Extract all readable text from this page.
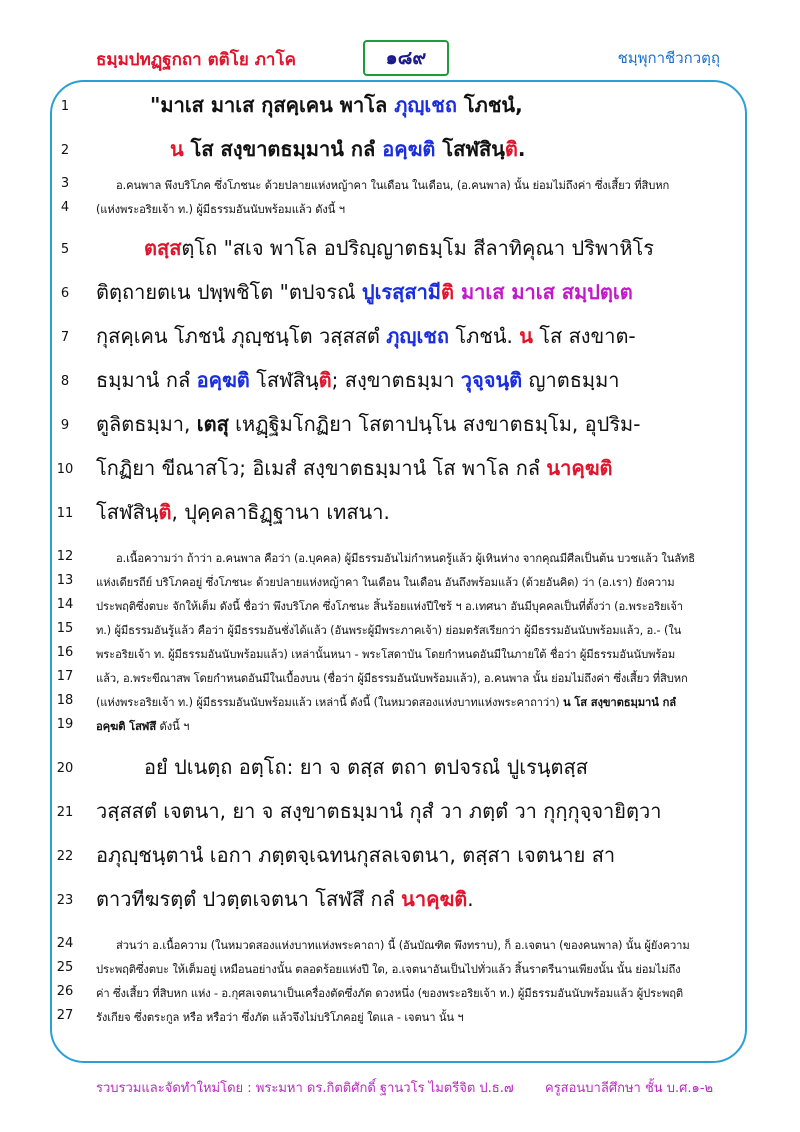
ธมฺมปทฏฺฐกถา ตติโย ภาโค	๑๘๙	ชมฺพุกาชีวกวตฺถุ
1	"มาเส มาเส กุสคฺเคน พาโล ภุญฺเชถ โภชนํ,
2	น โส สงฺขาตธมฺมานํ กลํ อคฺฆติ โสฬสินฺติ.
3	อ.คนพาล พึงบริโภค ซึ่งโภชนะ ด้วยปลายแห่งหญ้าคา ในเดือน ในเดือน, (อ.คนพาล) นั้น ย่อมไม่ถึงค่า ซึ่งเสี้ยว ที่สิบหก
4	(แห่งพระอริยเจ้า ท.) ผู้มีธรรมอันนับพร้อมแล้ว ดังนี้ ฯ
5	ตสฺสตฺโถ "สเจ พาโล อปริญฺญาตธมฺโม สีลาทิคุณา ปริพาหิโร
6	ติตฺถายตเน ปพฺพชิโต "ตปจรณํ ปูเรสฺสามีติ มาเส มาเส สมฺปตฺเต
7	กุสคฺเคน โภชนํ ภุญฺชนฺโต วสฺสสตํ ภุญฺเชถ โภชนํ. น โส สงขาต-
8	ธมฺมานํ กลํ อคฺฆติ โสฬสินฺติ; สงฺขาตธมฺมา วุจฺจนฺติ ญาตธมฺมา
9	ตูลิตธมฺมา, เตสุ เหฏฺฐิมโกฏิยา โสตาปนฺโน สงขาตธมฺโม, อุปริม-
10	โกฏิยา ขีณาสโว; อิเมสํ สงฺขาตธมฺมานํ โส พาโล กลํ นาคฺฆติ
11	โสฬสินฺติ, ปุคฺคลาธิฏฺฐานา เทสนา.
12	อ.เนื้อความว่า ถ้าว่า อ.คนพาล คือว่า (อ.บุคคล) ผู้มีธรรมอันไม่กำหนดรู้แล้ว ผู้เหินห่าง จากคุณมีศีลเป็นต้น บวชแล้ว ในลัทธิ
13	แห่งเดียรถีย์ บริโภคอยู่ ซึ่งโภชนะ ด้วยปลายแห่งหญ้าคา ในเดือน ในเดือน อันถึงพร้อมแล้ว (ด้วยอันคิด) ว่า (อ.เรา) ยังความ
14	ประพฤติซึ่งตบะ จักให้เต็ม ดังนี้ ชื่อว่า พึงบริโภค ซึ่งโภชนะ สิ้นร้อยแห่งปีใชร้ ฯ อ.เทศนา อันมีบุคคลเป็นที่ตั้งว่า (อ.พระอริยเจ้า
15	ท.) ผู้มีธรรมอันรู้แล้ว คือว่า ผู้มีธรรมอันชั่งได้แล้ว (อันพระผู้มีพระภาคเจ้า) ย่อมตรัสเรียกว่า ผู้มีธรรมอันนับพร้อมแล้ว, อ.- (ใน
16	พระอริยเจ้า ท. ผู้มีธรรมอันนับพร้อมแล้ว) เหล่านั้นหนา - พระโสดาบัน โดยกำหนดอันมีในภายใต้ ชื่อว่า ผู้มีธรรมอันนับพร้อม
17	แล้ว, อ.พระขีณาสพ โดยกำหนดอันมีในเบื้องบน (ชื่อว่า ผู้มีธรรมอันนับพร้อมแล้ว), อ.คนพาล นั้น ย่อมไม่ถึงค่า ซึ่งเสี้ยว ที่สิบหก
18	(แห่งพระอริยเจ้า ท.) ผู้มีธรรมอันนับพร้อมแล้ว เหล่านี้ ดังนี้ (ในหมวดสองแห่งบาทแห่งพระคาถาว่า) น โส สงฺขาตธมฺมานํ กลํ
19	อคฺฆติ โสฬสึ ดังนี้ ฯ
20	อยํ ปเนตฺถ อตฺโถ: ยา จ ตสฺส ตถา ตปจรณํ ปูเรนฺตสฺส
21	วสฺสสตํ เจตนา, ยา จ สงฺขาตธมฺมานํ กุสํ วา ภตฺตํ วา กุกฺกุจฺจายิตฺวา
22	อภุญฺชนฺตานํ เอกา ภตฺตจฺเฉทนกุสลเจตนา, ตสฺสา เจตนาย สา
23	ตาวทีฆรตฺตํ ปวตฺตเจตนา โสฬสึ กลํ นาคฺฆติ.
24	ส่วนว่า อ.เนื้อความ (ในหมวดสองแห่งบาทแห่งพระคาถา) นี้ (อันบัณฑิต พึงทราบ), ก็ อ.เจตนา (ของคนพาล) นั้น ผู้ยังความ
25	ประพฤติซึ่งตบะ ให้เต็มอยู่ เหมือนอย่างนั้น ตลอดร้อยแห่งปี ใด, อ.เจตนาอันเป็นไปทั่วแล้ว สิ้นราตรีนานเพียงนั้น นั้น ย่อมไม่ถึง
26	ค่า ซึ่งเสี้ยว ที่สิบหก แห่ง - อ.กุศลเจตนาเป็นเครื่องตัดซึ่งภัต ดวงหนึ่ง (ของพระอริยเจ้า ท.) ผู้มีธรรมอันนับพร้อมแล้ว ผู้ประพฤติ
27	รังเกียจ ซึ่งตระกูล หรือ หรือว่า ซึ่งภัต แล้วจึงไม่บริโภคอยู่ ใดแล - เจตนา นั้น ฯ
รวบรวมและจัดทำใหม่โดย : พระมหา ดร.กิตติศักดิ์ ฐานวโร ไมตรีจิต ป.ธ.๗ ครูสอนบาลีศึกษา ชั้น บ.ศ.๑-๒
